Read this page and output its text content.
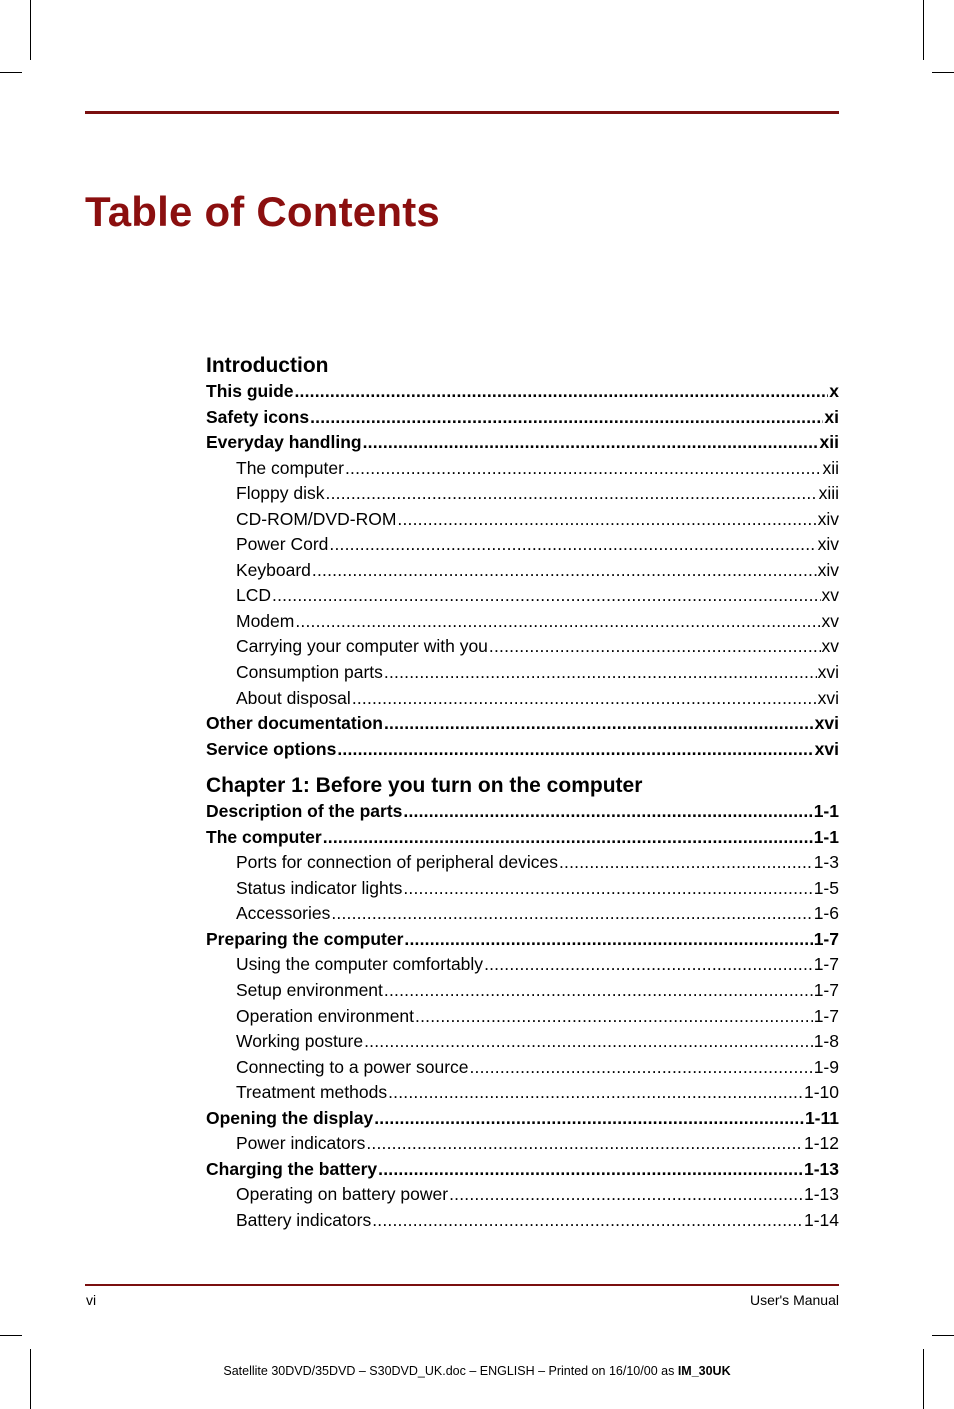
Table of Contents
Introduction
This guide .....	x
Safety icons .....	xi
Everyday handling .....	xii
The computer .....	xii
Floppy disk .....	xiii
CD-ROM/DVD-ROM .....	xiv
Power Cord .....	xiv
Keyboard .....	xiv
LCD .....	xv
Modem .....	xv
Carrying your computer with you .....	xv
Consumption parts .....	xvi
About disposal .....	xvi
Other documentation .....	xvi
Service options .....	xvi
Chapter 1: Before you turn on the computer
Description of the parts .....	1-1
The computer .....	1-1
Ports for connection of peripheral devices .....	1-3
Status indicator lights .....	1-5
Accessories .....	1-6
Preparing the computer .....	1-7
Using the computer comfortably .....	1-7
Setup environment .....	1-7
Operation environment .....	1-7
Working posture .....	1-8
Connecting to a power source .....	1-9
Treatment methods .....	1-10
Opening the display .....	1-11
Power indicators .....	1-12
Charging the battery .....	1-13
Operating on battery power .....	1-13
Battery indicators .....	1-14
vi	User's Manual
Satellite 30DVD/35DVD – S30DVD_UK.doc – ENGLISH – Printed on 16/10/00 as IM_30UK
